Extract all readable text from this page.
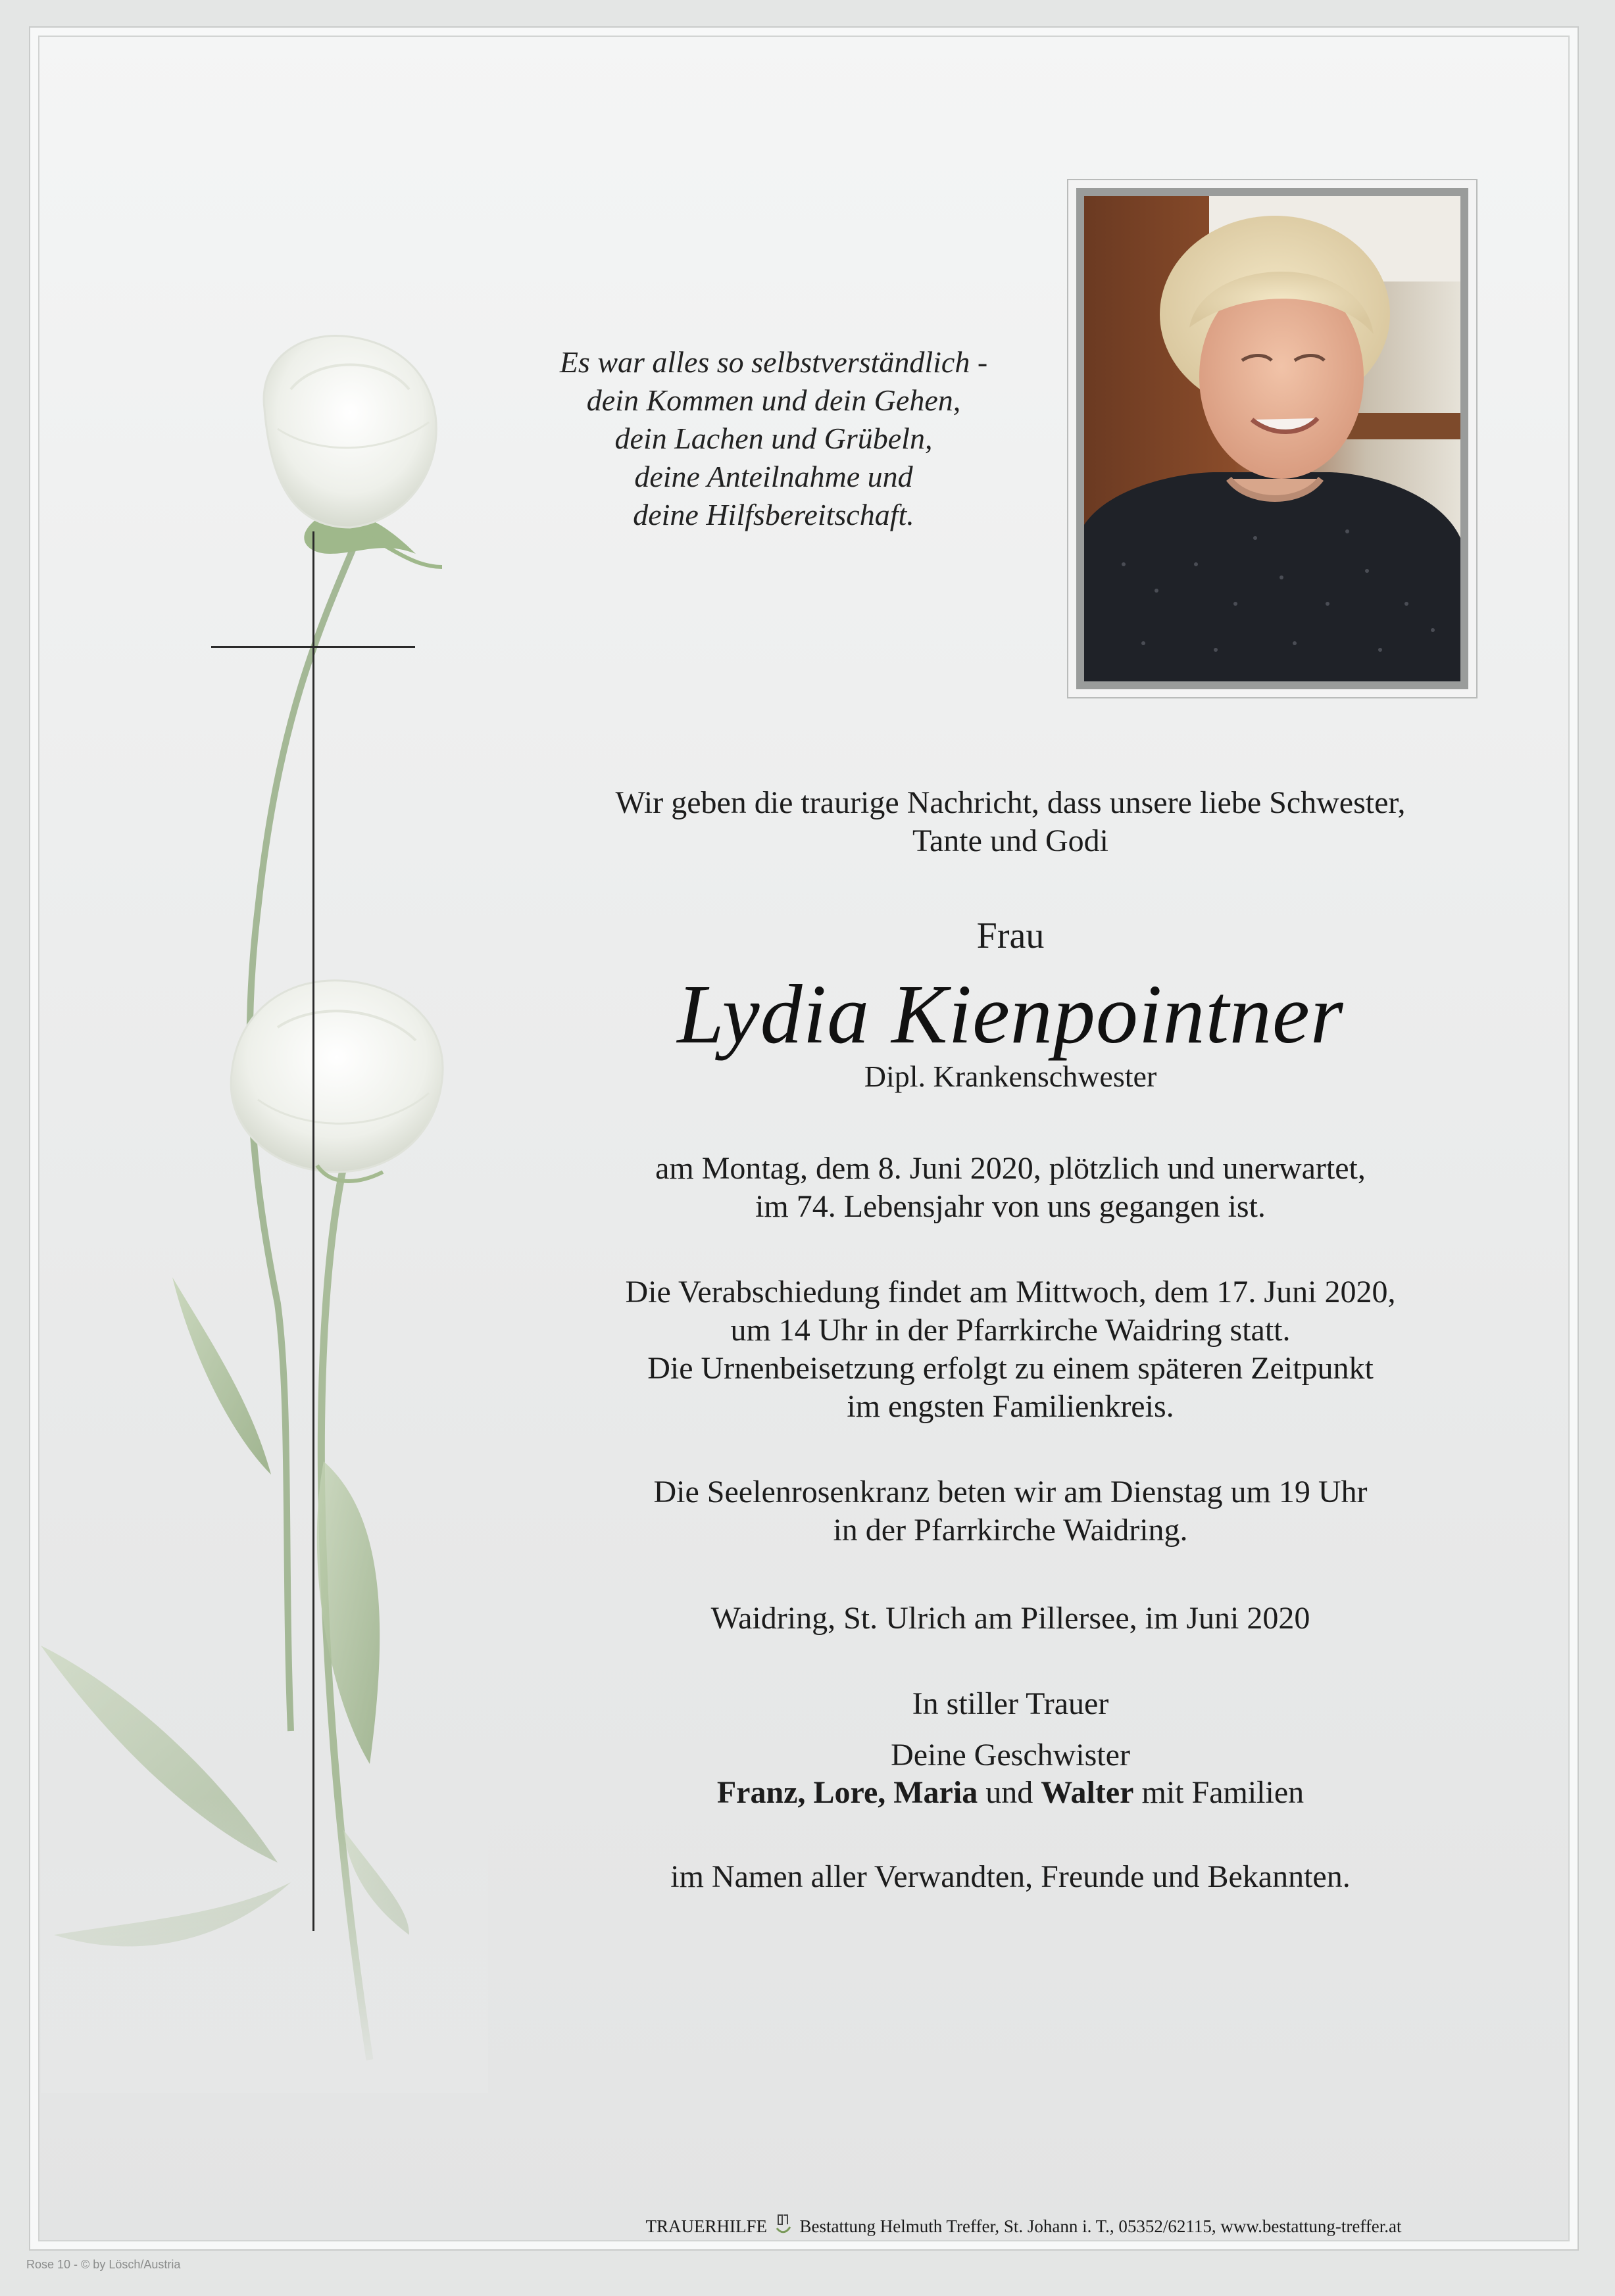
Es war alles so selbstverständlich -
dein Kommen und dein Gehen,
dein Lachen und Grübeln,
deine Anteilnahme und
deine Hilfsbereitschaft.
Wir geben die traurige Nachricht, dass unsere liebe Schwester,
Tante und Godi
Frau
Lydia Kienpointner
Dipl. Krankenschwester
am Montag, dem 8. Juni 2020, plötzlich und unerwartet,
im 74. Lebensjahr von uns gegangen ist.
Die Verabschiedung findet am Mittwoch, dem 17. Juni 2020,
um 14 Uhr in der Pfarrkirche Waidring statt.
Die Urnenbeisetzung erfolgt zu einem späteren Zeitpunkt
im engsten Familienkreis.
Die Seelenrosenkranz beten wir am Dienstag um 19 Uhr
in der Pfarrkirche Waidring.
Waidring, St. Ulrich am Pillersee, im Juni 2020
In stiller Trauer
Deine Geschwister
Franz, Lore, Maria und Walter mit Familien
im Namen aller Verwandten, Freunde und Bekannten.
TRAUERHILFE Bestattung Helmuth Treffer, St. Johann i. T., 05352/62115, www.bestattung-treffer.at
Rose 10 - © by Lösch/Austria
